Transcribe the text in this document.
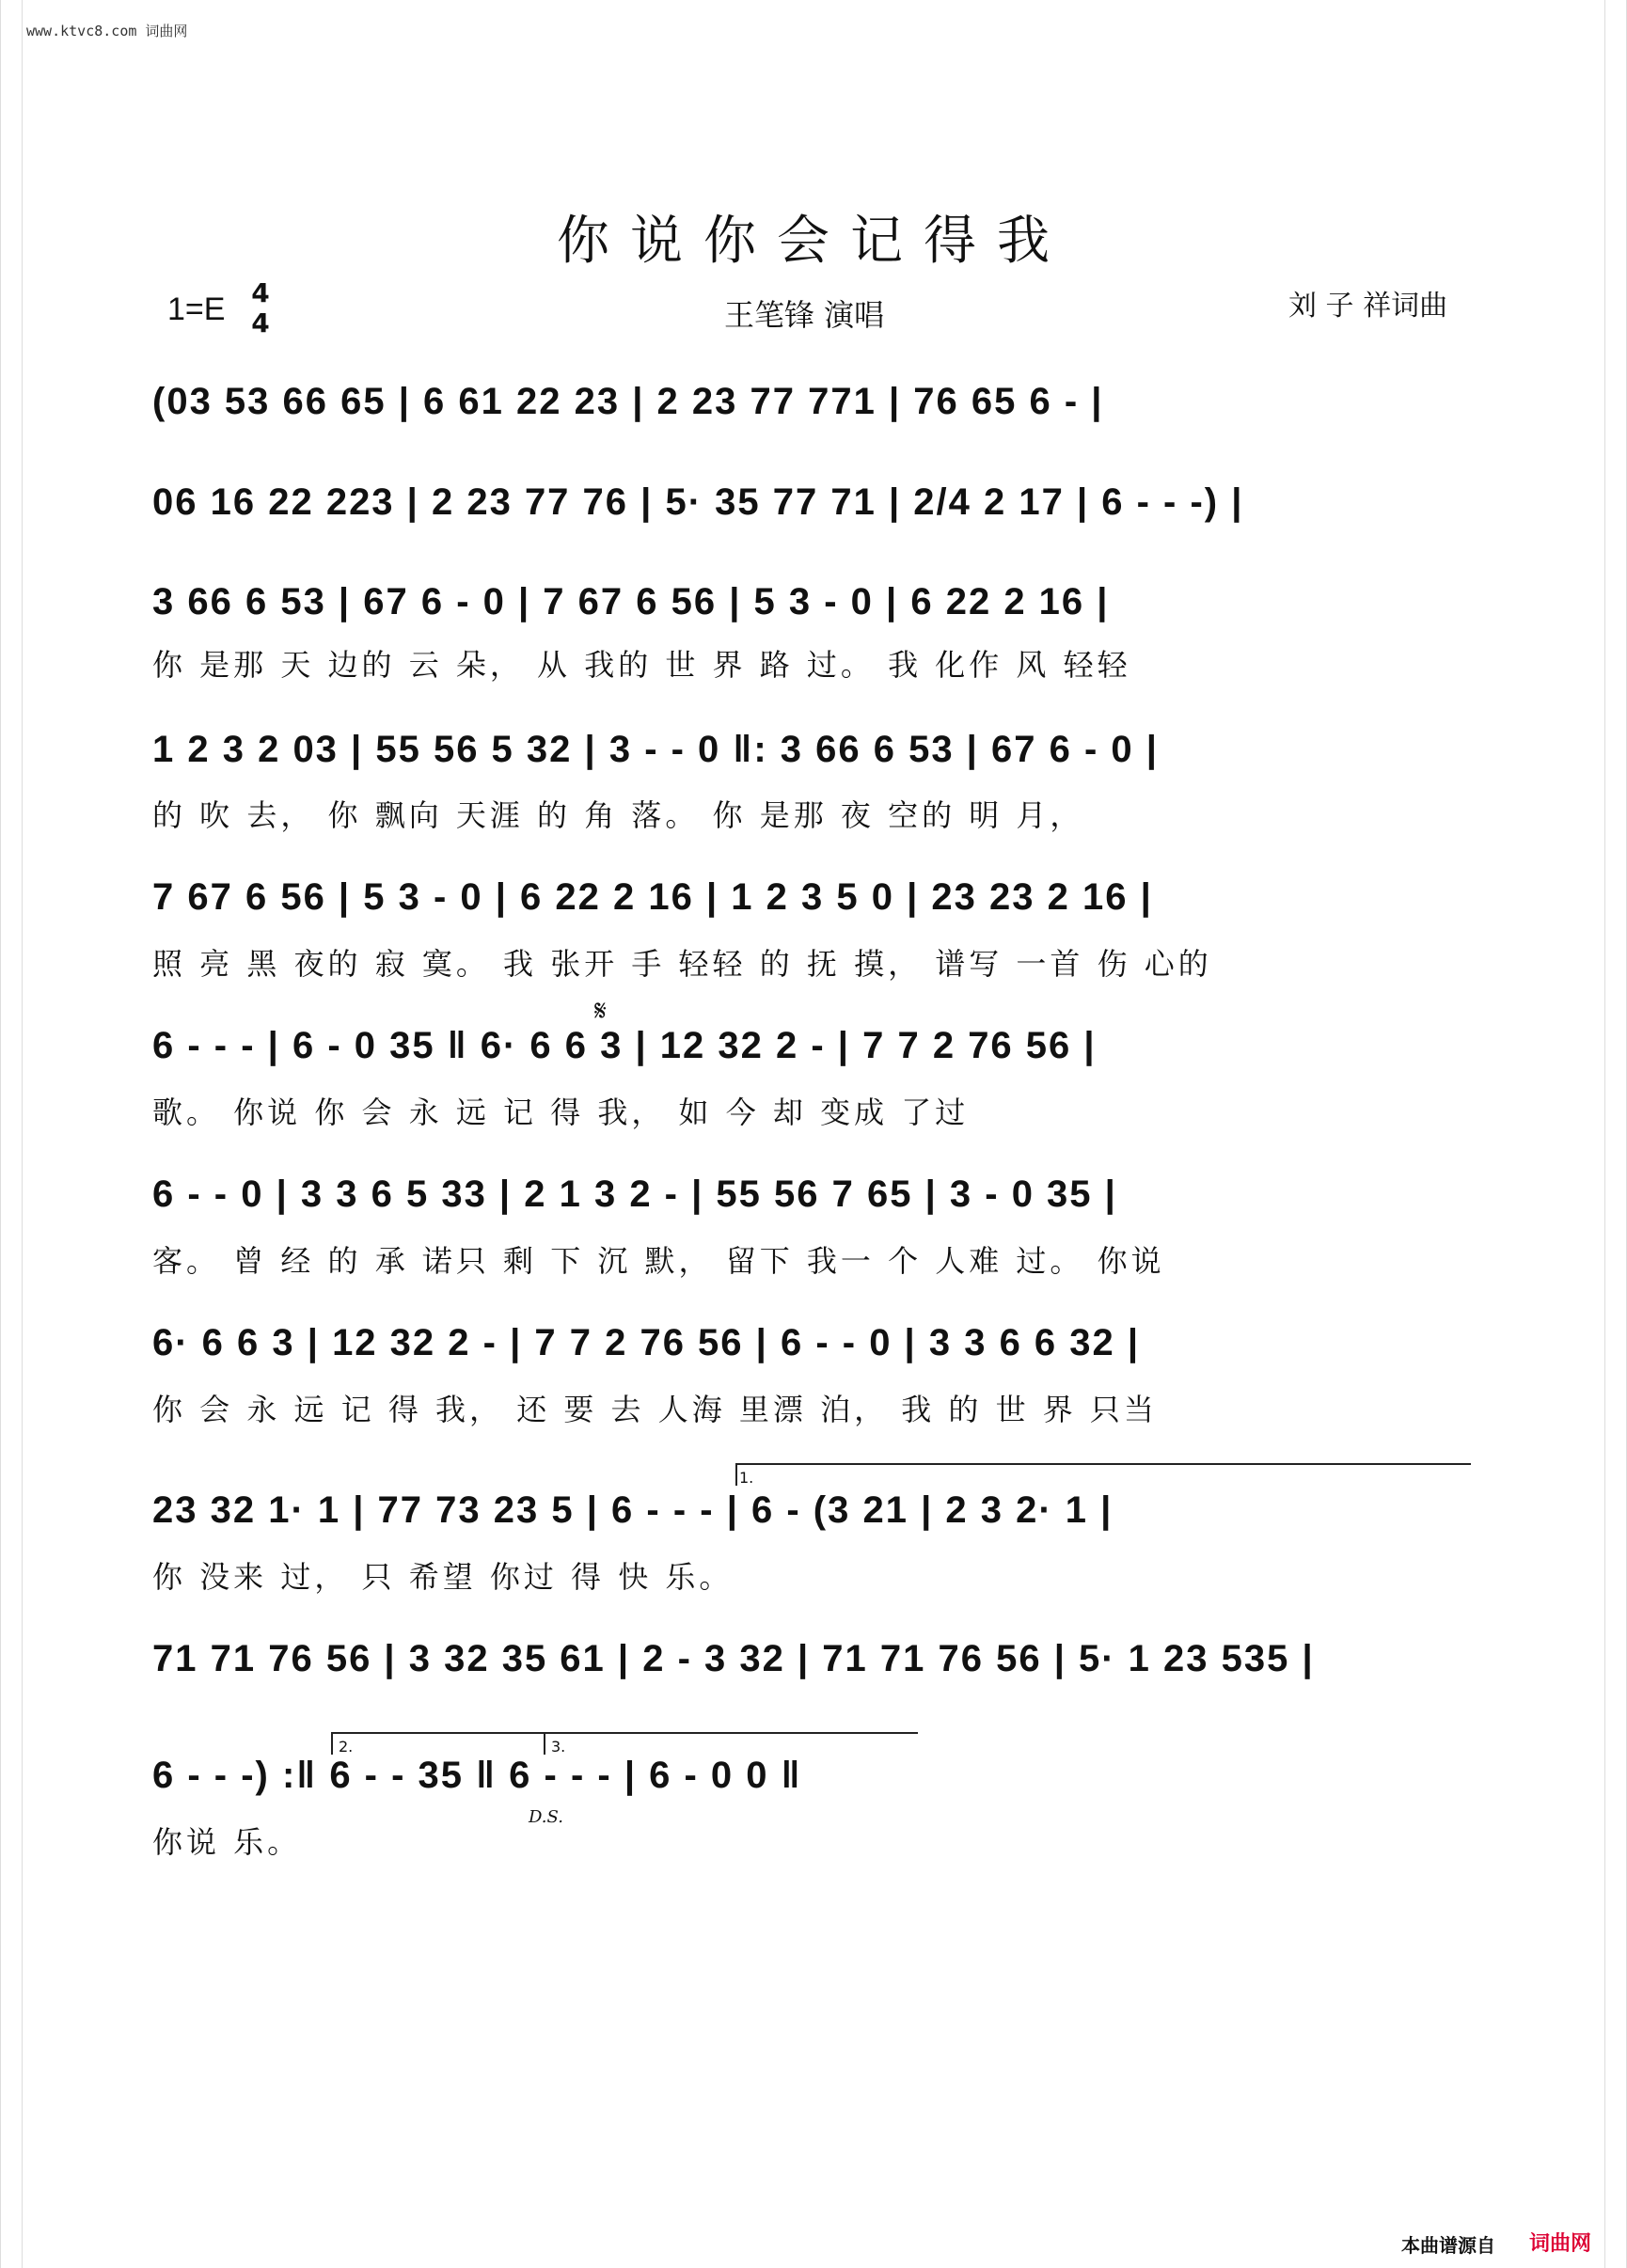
www.ktvc8.com 词曲网
你说你会记得我
1=E 4
4	王笔锋 演唱	刘 子 祥词曲
(03 53 66 65 | 6 61 22 23 | 2 23 77 771 | 76 65 6 - |
06 16 22 223 | 2 23 77 76 | 5· 35 77 71 | 2/4 2 17 | 6 - - -) |
3 66 6 53 | 67 6 - 0 | 7 67 6 56 | 5 3 - 0 | 6 22 2 16 |
你 是那 天 边的 云 朵， 从 我的 世 界 路 过。 我 化作 风 轻轻
1 2 3 2 03 | 55 56 5 32 | 3 - - 0 ‖: 3 66 6 53 | 67 6 - 0 |
的 吹 去， 你 飘向 天涯 的 角 落。 你 是那 夜 空的 明 月，
7 67 6 56 | 5 3 - 0 | 6 22 2 16 | 1 2 3 5 0 | 23 23 2 16 |
照 亮 黑 夜的 寂 寞。 我 张开 手 轻轻 的 抚 摸， 谱写 一首 伤 心的
𝄋
6 - - - | 6 - 0 35 ‖ 6· 6 6 3 | 12 32 2 - | 7 7 2 76 56 |
歌。 你说 你 会 永 远 记 得 我， 如 今 却 变成 了过
6 - - 0 | 3 3 6 5 33 | 2 1 3 2 - | 55 56 7 65 | 3 - 0 35 |
客。 曾 经 的 承 诺只 剩 下 沉 默， 留下 我一 个 人难 过。 你说
6· 6 6 3 | 12 32 2 - | 7 7 2 76 56 | 6 - - 0 | 3 3 6 6 32 |
你 会 永 远 记 得 我， 还 要 去 人海 里漂 泊， 我 的 世 界 只当
1.
23 32 1· 1 | 77 73 23 5 | 6 - - - | 6 - (3 21 | 2 3 2· 1 |
你 没来 过， 只 希望 你过 得 快 乐。
71 71 76 56 | 3 32 35 61 | 2 - 3 32 | 71 71 76 56 | 5· 1 23 535 |
2.	3.
6 - - -) :‖ 6 - - 35 ‖ 6 - - - | 6 - 0 0 ‖
D.S.
你说 乐。
本曲谱源自 词曲网
